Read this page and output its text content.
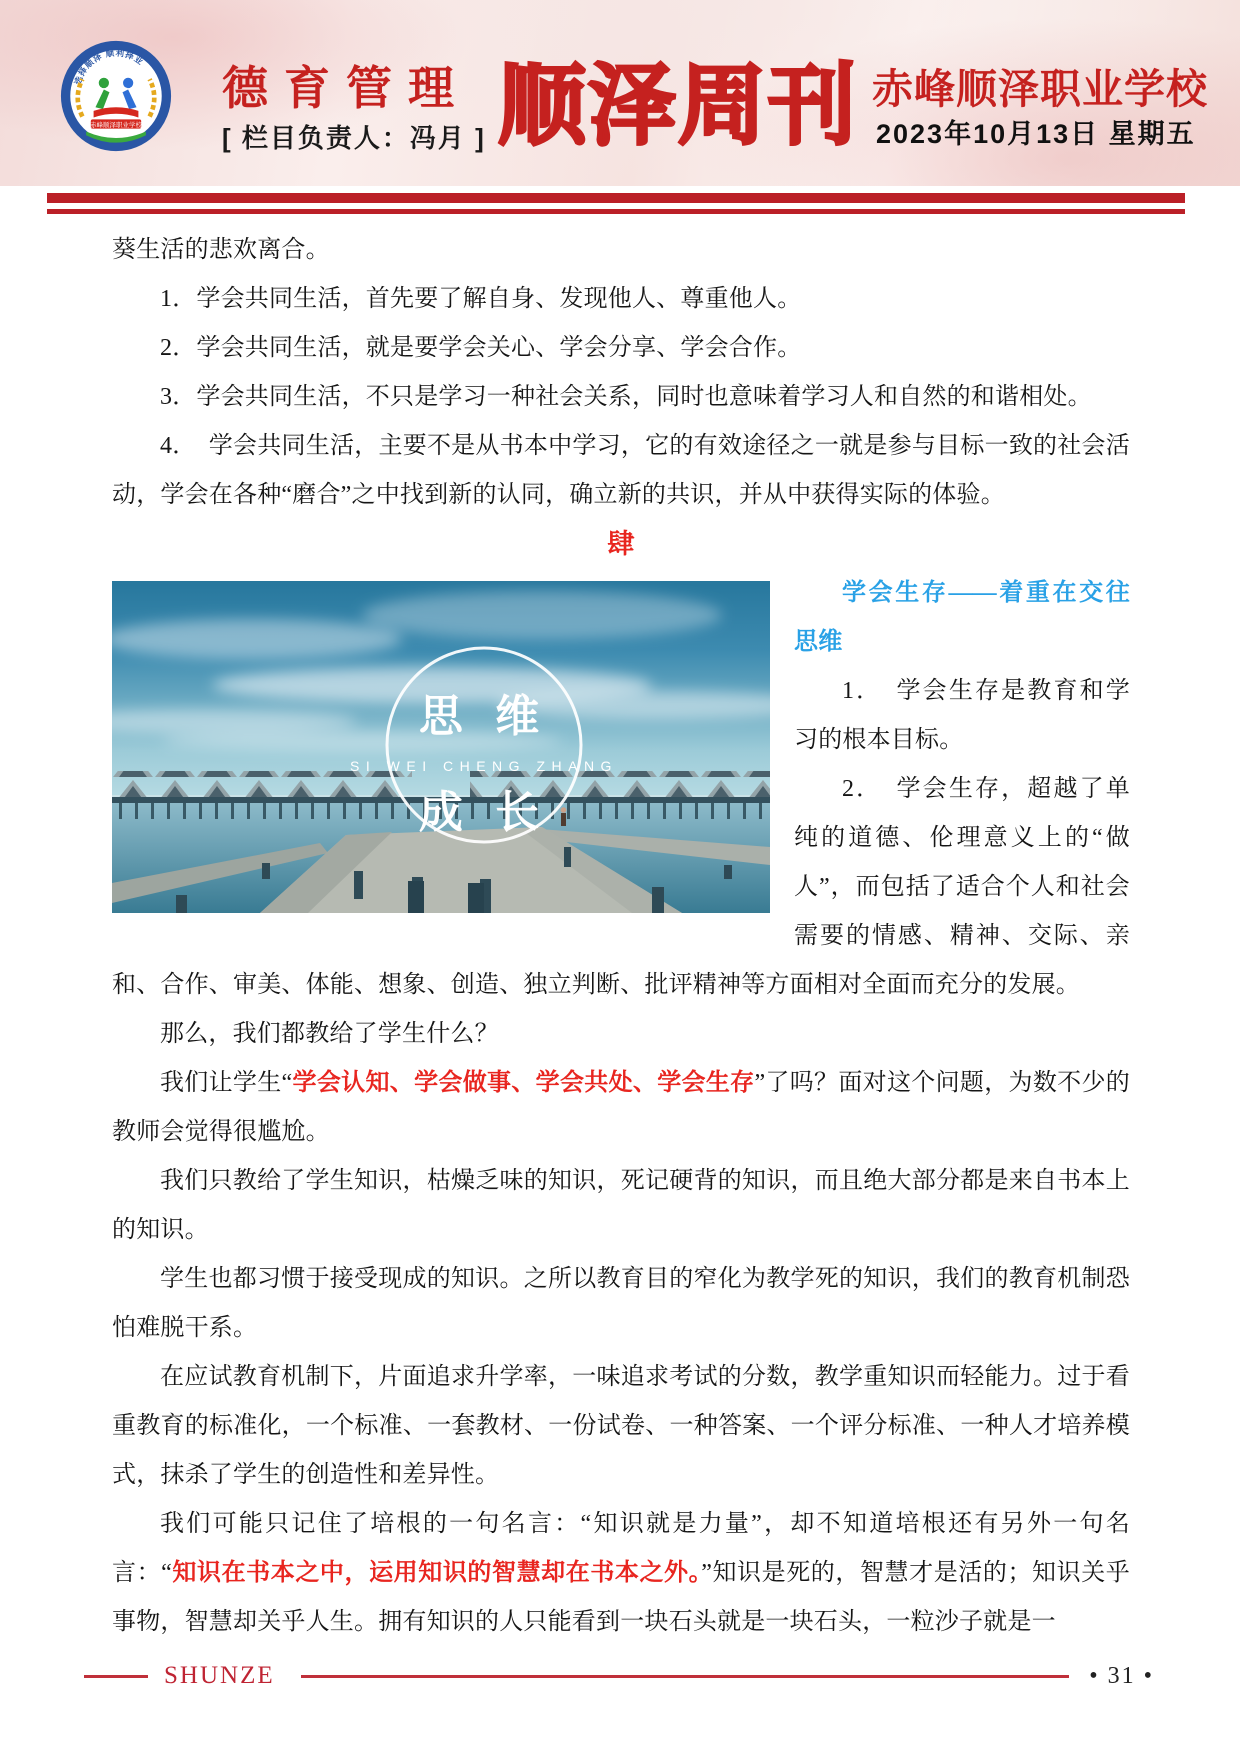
选择顺泽 顺利择业
赤峰顺泽职业学校
德育管理
[ 栏目负责人：冯月 ] 顺泽周刊 赤峰顺泽职业学校
2023年10月13日 星期五

葵生活的悲欢离合。

1．学会共同生活，首先要了解自身、发现他人、尊重他人。

2．学会共同生活，就是要学会关心、学会分享、学会合作。

3．学会共同生活，不只是学习一种社会关系，同时也意味着学习人和自然的和谐相处。

4．　学会共同生活，主要不是从书本中学习，它的有效途径之一就是参与目标一致的社会活动，学会在各种“磨合”之中找到新的认同，确立新的共识，并从中获得实际的体验。

肆

思 维
SI WEI CHENG ZHANG
成 长

学会生存——着重在交往思维

1．　学会生存是教育和学习的根本目标。

2．　学会生存，超越了单纯的道德、伦理意义上的“做人”，而包括了适合个人和社会需要的情感、精神、交际、亲和、合作、审美、体能、想象、创造、独立判断、批评精神等方面相对全面而充分的发展。

那么，我们都教给了学生什么？

我们让学生“学会认知、学会做事、学会共处、学会生存”了吗？面对这个问题，为数不少的教师会觉得很尴尬。

我们只教给了学生知识，枯燥乏味的知识，死记硬背的知识，而且绝大部分都是来自书本上的知识。

学生也都习惯于接受现成的知识。之所以教育目的窄化为教学死的知识，我们的教育机制恐怕难脱干系。

在应试教育机制下，片面追求升学率，一味追求考试的分数，教学重知识而轻能力。过于看重教育的标准化，一个标准、一套教材、一份试卷、一种答案、一个评分标准、一种人才培养模式，抹杀了学生的创造性和差异性。

我们可能只记住了培根的一句名言：“知识就是力量”，却不知道培根还有另外一句名言：“知识在书本之中，运用知识的智慧却在书本之外。”知识是死的，智慧才是活的；知识关乎事物，智慧却关乎人生。拥有知识的人只能看到一块石头就是一块石头，一粒沙子就是一

SHUNZE	• 31 •
